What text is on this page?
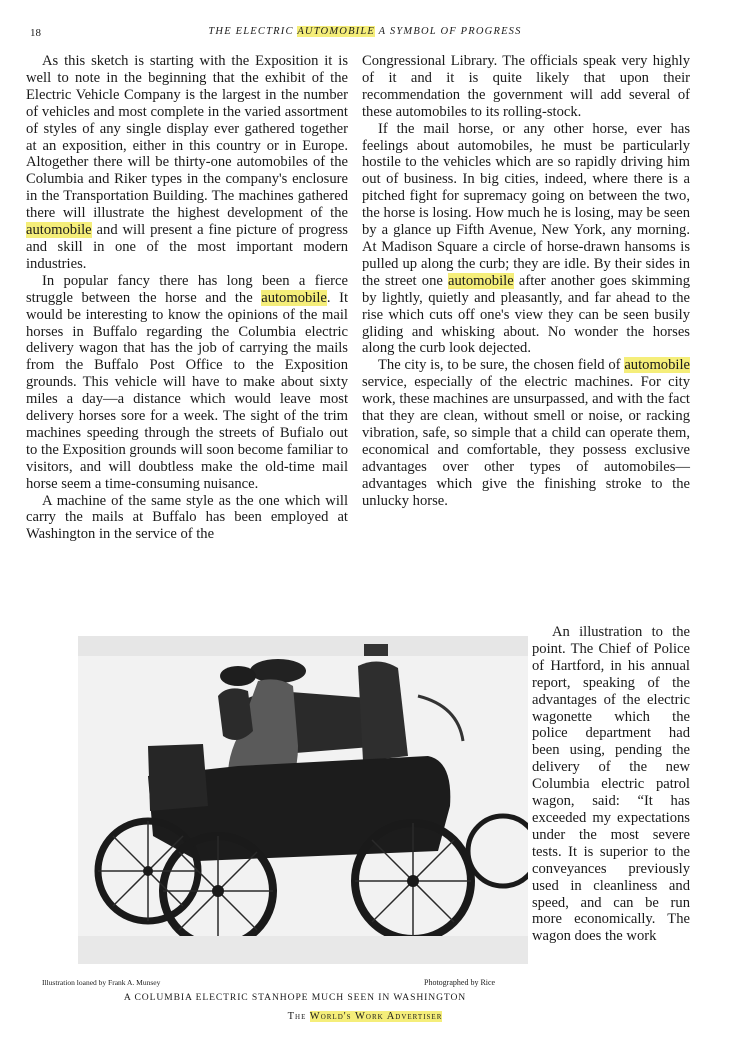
18	THE ELECTRIC AUTOMOBILE A SYMBOL OF PROGRESS

As this sketch is starting with the Exposition it is well to note in the beginning that the exhibit of the Electric Vehicle Company is the largest in the number of vehicles and most complete in the varied assortment of styles of any single display ever gathered together at an exposition, either in this country or in Europe. Altogether there will be thirty-one automobiles of the Columbia and Riker types in the company's enclosure in the Transportation Building. The machines gathered there will illustrate the highest development of the automobile and will present a fine picture of progress and skill in one of the most important modern industries.

In popular fancy there has long been a fierce struggle between the horse and the automobile. It would be interesting to know the opinions of the mail horses in Buffalo regarding the Columbia electric delivery wagon that has the job of carrying the mails from the Buffalo Post Office to the Exposition grounds. This vehicle will have to make about sixty miles a day—a distance which would leave most delivery horses sore for a week. The sight of the trim machines speeding through the streets of Bufialo out to the Exposition grounds will soon become familiar to visitors, and will doubtless make the old-time mail horse seem a time-consuming nuisance.

A machine of the same style as the one which will carry the mails at Buffalo has been employed at Washington in the service of the

Congressional Library. The officials speak very highly of it and it is quite likely that upon their recommendation the government will add several of these automobiles to its rolling-stock.

If the mail horse, or any other horse, ever has feelings about automobiles, he must be particularly hostile to the vehicles which are so rapidly driving him out of business. In big cities, indeed, where there is a pitched fight for supremacy going on between the two, the horse is losing. How much he is losing, may be seen by a glance up Fifth Avenue, New York, any morning. At Madison Square a circle of horse-drawn hansoms is pulled up along the curb; they are idle. By their sides in the street one automobile after another goes skimming by lightly, quietly and pleasantly, and far ahead to the rise which cuts off one's view they can be seen busily gliding and whisking about. No wonder the horses along the curb look dejected.

The city is, to be sure, the chosen field of automobile service, especially of the electric machines. For city work, these machines are unsurpassed, and with the fact that they are clean, without smell or noise, or racking vibration, safe, so simple that a child can operate them, economical and comfortable, they possess exclusive advantages over other types of automobiles—advantages which give the finishing stroke to the unlucky horse.

An illustration to the point. The Chief of Police of Hartford, in his annual report, speaking of the advantages of the electric wagonette which the police department had been using, pending the delivery of the new Columbia electric patrol wagon, said: “It has exceeded my expectations under the most severe tests. It is superior to the conveyances previously used in cleanliness and speed, and can be run more economically. The wagon does the work

Illustration loaned by Frank A. Munsey	Photographed by Rice
A COLUMBIA ELECTRIC STANHOPE MUCH SEEN IN WASHINGTON
The World's Work Advertiser
